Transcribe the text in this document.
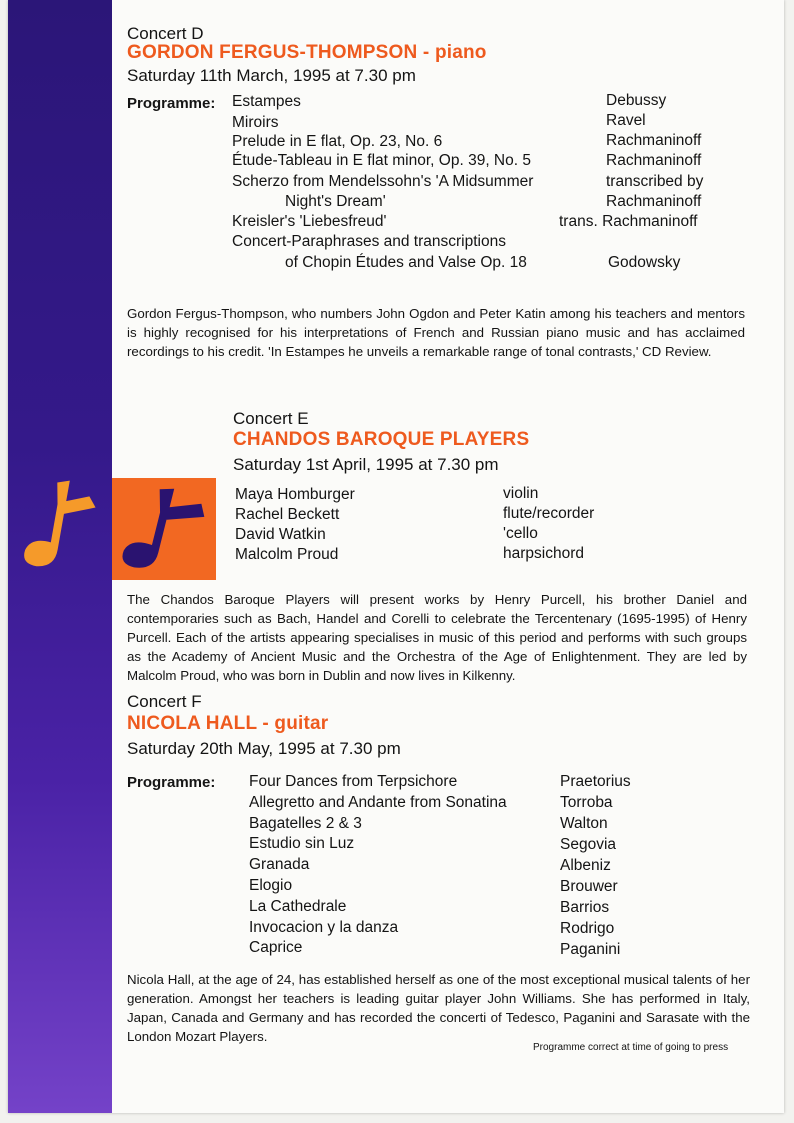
Concert D
GORDON FERGUS-THOMPSON - piano
Saturday 11th March, 1995 at 7.30 pm
Programme: Estampes
Miroirs
Prelude in E flat, Op. 23, No. 6
Étude-Tableau in E flat minor, Op. 39, No. 5
Scherzo from Mendelssohn's 'A Midsummer
Night's Dream'
Kreisler's 'Liebesfreud'
Concert-Paraphrases and transcriptions
of Chopin Études and Valse Op. 18
Debussy
Ravel
Rachmaninoff
Rachmaninoff
transcribed by
Rachmaninoff
trans. Rachmaninoff
Godowsky
Gordon Fergus-Thompson, who numbers John Ogdon and Peter Katin among his teachers and mentors is highly recognised for his interpretations of French and Russian piano music and has acclaimed recordings to his credit. 'In Estampes he unveils a remarkable range of tonal contrasts,' CD Review.
Concert E
CHANDOS BAROQUE PLAYERS
Saturday 1st April, 1995 at 7.30 pm
Maya Homburger
Rachel Beckett
David Watkin
Malcolm Proud
violin
flute/recorder
'cello
harpsichord
The Chandos Baroque Players will present works by Henry Purcell, his brother Daniel and contemporaries such as Bach, Handel and Corelli to celebrate the Tercentenary (1695-1995) of Henry Purcell. Each of the artists appearing specialises in music of this period and performs with such groups as the Academy of Ancient Music and the Orchestra of the Age of Enlightenment. They are led by Malcolm Proud, who was born in Dublin and now lives in Kilkenny.
Concert F
NICOLA HALL - guitar
Saturday 20th May, 1995 at 7.30 pm
Programme: Four Dances from Terpsichore
Allegretto and Andante from Sonatina
Bagatelles 2 & 3
Estudio sin Luz
Granada
Elogio
La Cathedrale
Invocacion y la danza
Caprice
Praetorius
Torroba
Walton
Segovia
Albeniz
Brouwer
Barrios
Rodrigo
Paganini
Nicola Hall, at the age of 24, has established herself as one of the most exceptional musical talents of her generation. Amongst her teachers is leading guitar player John Williams. She has performed in Italy, Japan, Canada and Germany and has recorded the concerti of Tedesco, Paganini and Sarasate with the London Mozart Players.
Programme correct at time of going to press
